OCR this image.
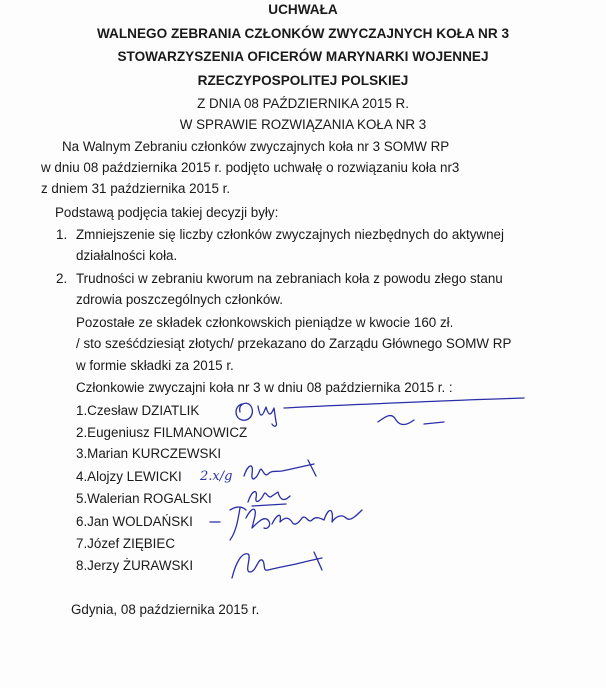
UCHWAŁA
WALNEGO ZEBRANIA CZŁONKÓW ZWYCZAJNYCH KOŁA NR 3
STOWARZYSZENIA OFICERÓW MARYNARKI WOJENNEJ
RZECZYPOSPOLITEJ POLSKIEJ
Z DNIA 08 PAŹDZIERNIKA 2015 R.
W SPRAWIE ROZWIĄZANIA KOŁA NR 3
Na Walnym Zebraniu członków zwyczajnych koła nr 3 SOMW RP
w dniu 08 października 2015 r. podjęto uchwałę o rozwiązaniu koła nr3
z dniem 31 października 2015 r.
Podstawą podjęcia takiej decyzji były:
1. Zmniejszenie się liczby członków zwyczajnych niezbędnych do aktywnej
działalności koła.
2. Trudności w zebraniu kworum na zebraniach koła z powodu złego stanu
zdrowia poszczególnych członków.
Pozostałe ze składek członkowskich pieniądze w kwocie 160 zł.
/ sto sześćdziesiąt złotych/ przekazano do Zarządu Głównego SOMW RP
w formie składki za 2015 r.
Członkowie zwyczajni koła nr 3 w dniu 08 października 2015 r. :
1.Czesław DZIATLIK
2.Eugeniusz FILMANOWICZ
3.Marian KURCZEWSKI
4.Alojzy LEWICKI
5.Walerian ROGALSKI
6.Jan WOLDAŃSKI
7.Józef ZIĘBIEC
8.Jerzy ŻURAWSKI
Gdynia, 08 października 2015 r.
2.x/g
